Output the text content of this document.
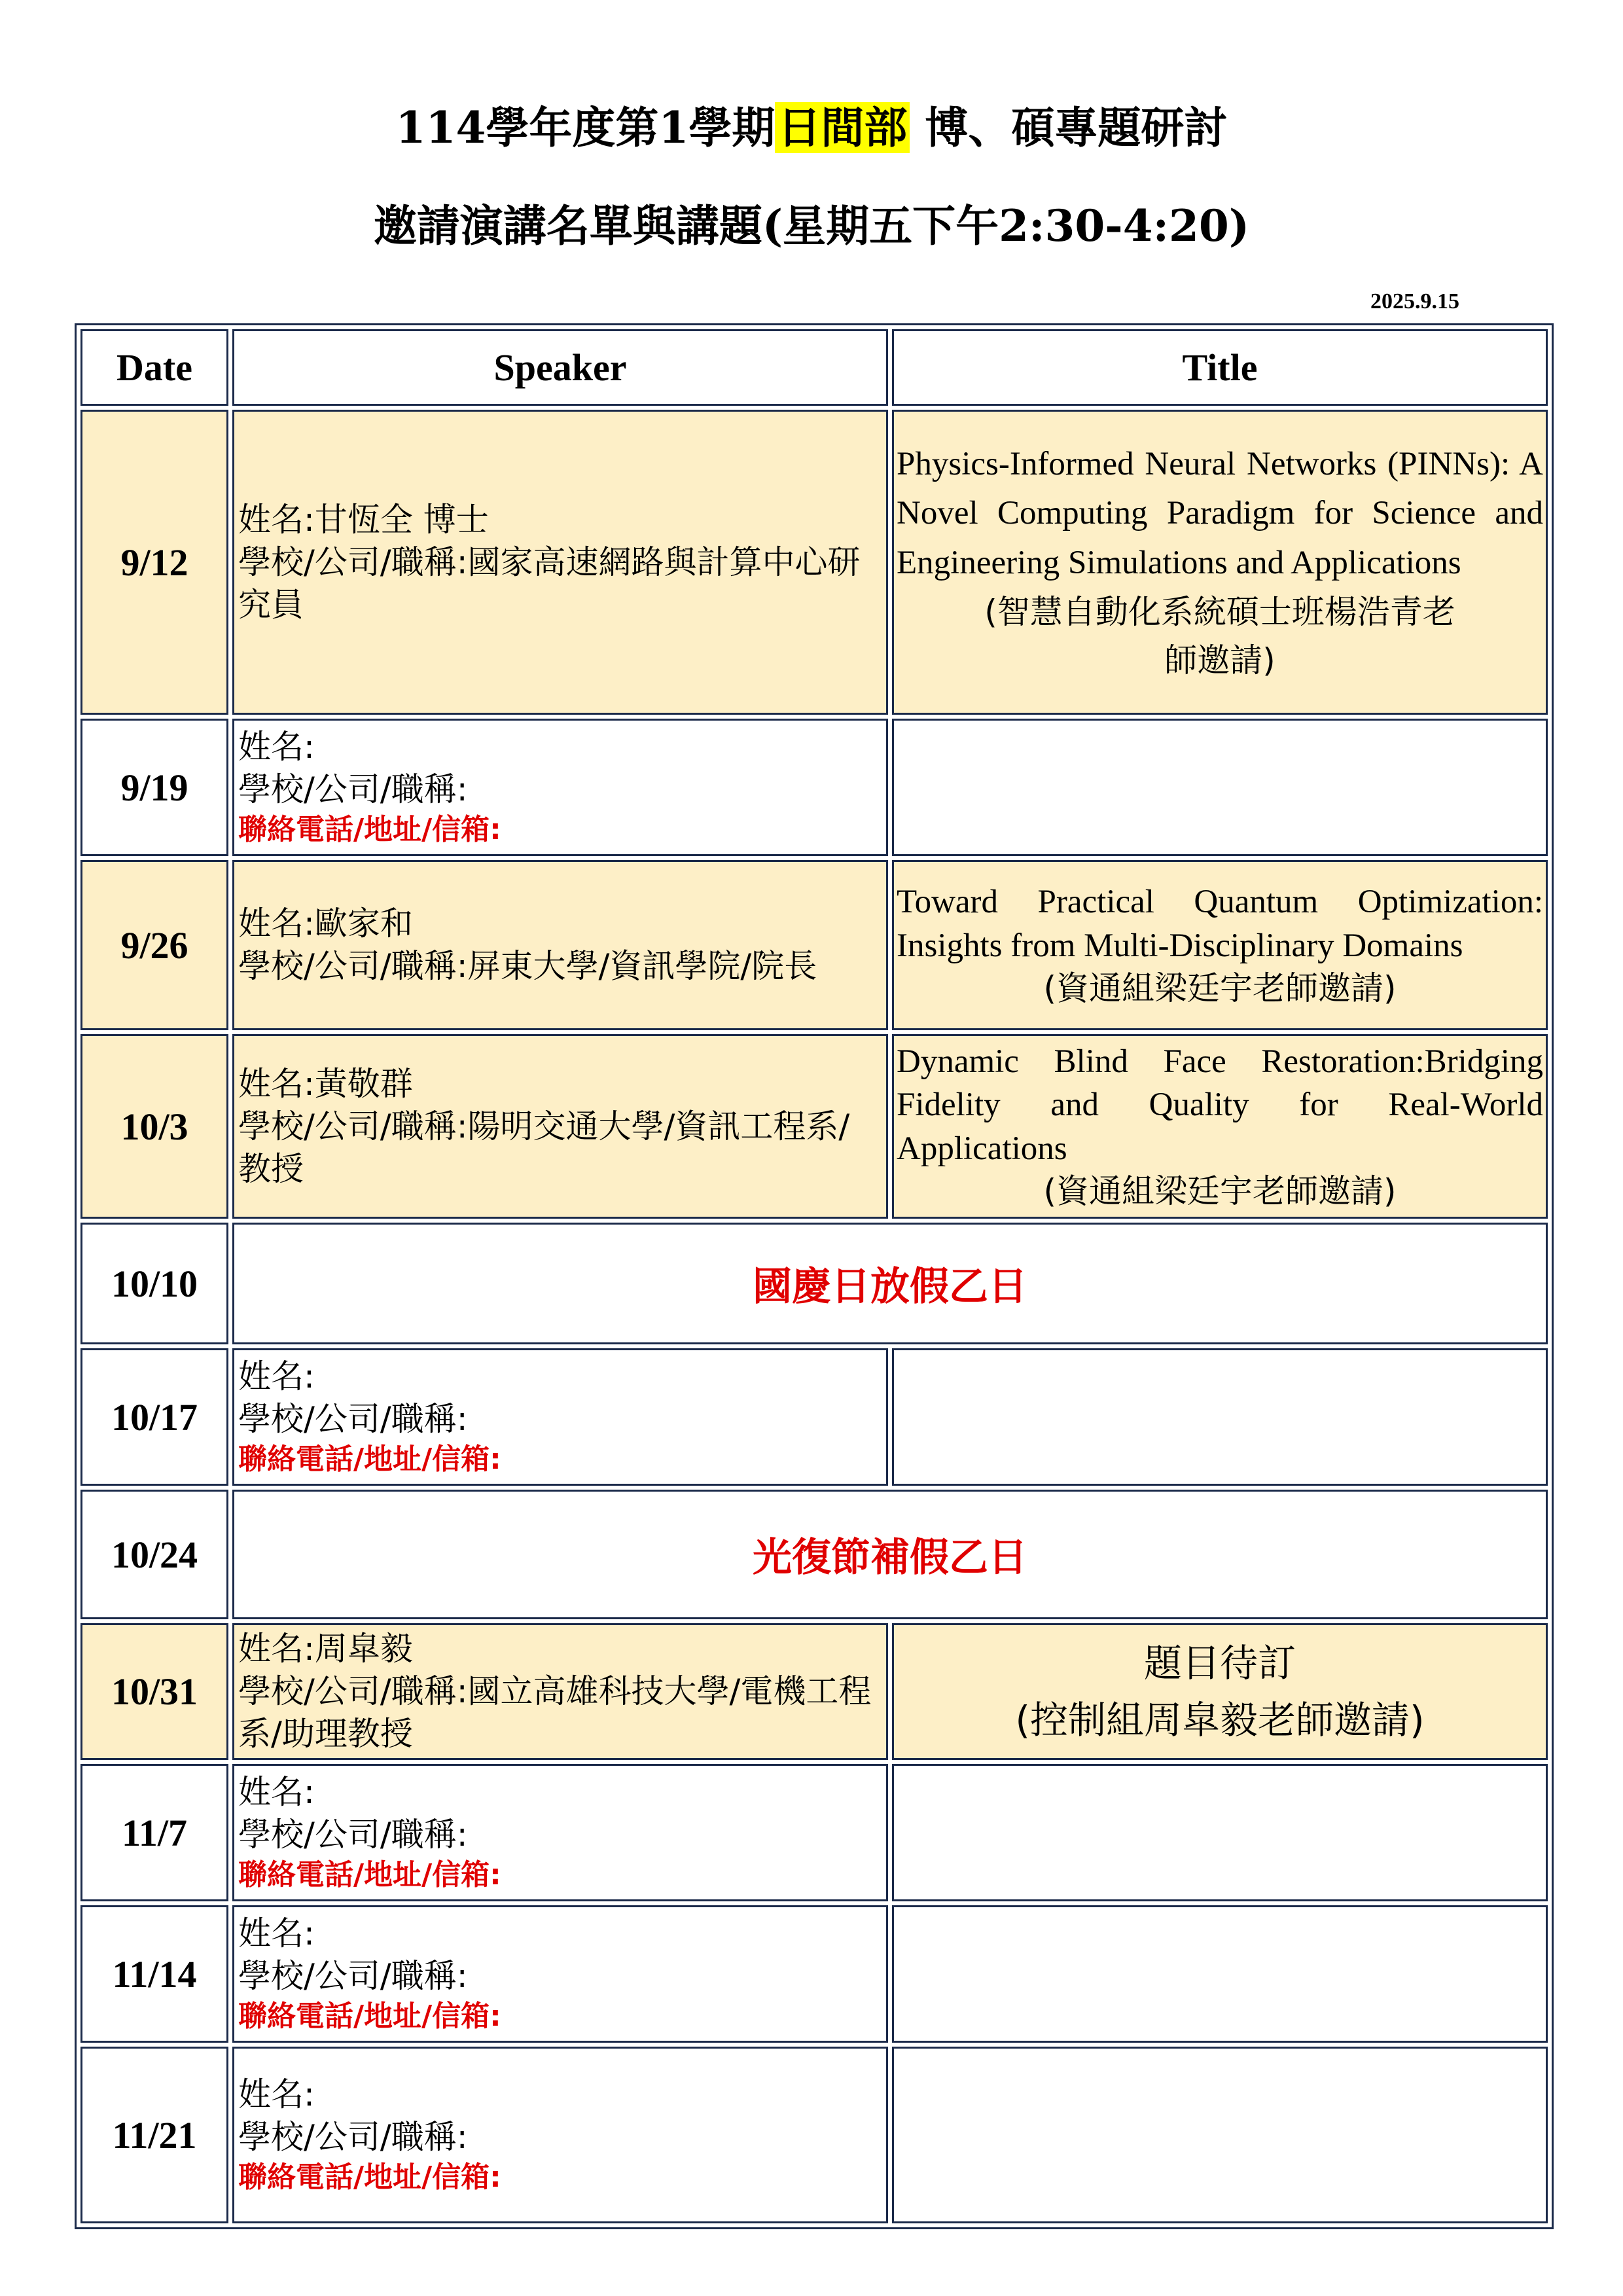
114學年度第1學期日間部 博、碩專題研討
邀請演講名單與講題(星期五下午2:30-4:20)
2025.9.15
Date	Speaker	Title
9/12	姓名:甘恆全 博士
學校/公司/職稱:國家高速網路與計算中心研究員	Physics-Informed Neural Networks (PINNs): A Novel Computing Paradigm for Science and Engineering Simulations and Applications
(智慧自動化系統碩士班楊浩青老師邀請)

9/19	姓名:
學校/公司/職稱:
聯絡電話/地址/信箱:	

9/26	姓名:歐家和
學校/公司/職稱:屏東大學/資訊學院/院長	Toward Practical Quantum Optimization: Insights from Multi-Disciplinary Domains
(資通組梁廷宇老師邀請)

10/3	姓名:黃敬群
學校/公司/職稱:陽明交通大學/資訊工程系/教授	Dynamic Blind Face Restoration:Bridging Fidelity and Quality for Real-World Applications
(資通組梁廷宇老師邀請)

10/10	國慶日放假乙日	
10/17	姓名:
學校/公司/職稱:
聯絡電話/地址/信箱:	

10/24	光復節補假乙日	
10/31	姓名:周皐毅
學校/公司/職稱:國立高雄科技大學/電機工程系/助理教授	題目待訂
(控制組周皐毅老師邀請)

11/7	姓名:
學校/公司/職稱:
聯絡電話/地址/信箱:	

11/14	姓名:
學校/公司/職稱:
聯絡電話/地址/信箱:	

11/21	姓名:
學校/公司/職稱:
聯絡電話/地址/信箱:	
